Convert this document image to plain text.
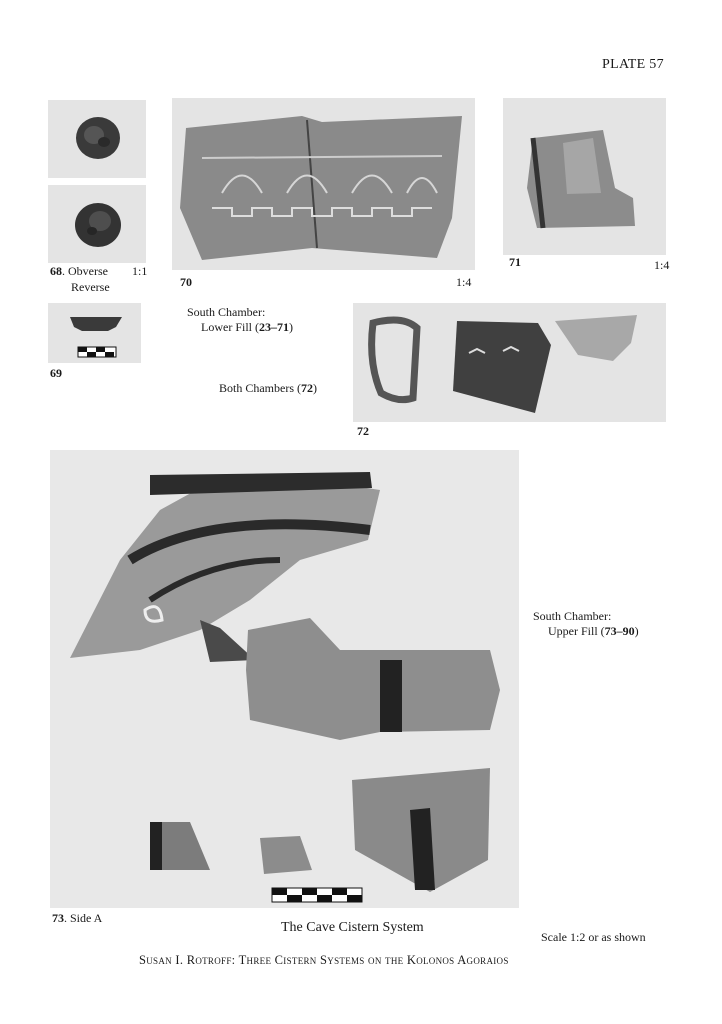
PLATE 57
68. Obverse
Reverse
1:1
70	1:4
71	1:4
69
South Chamber:
Lower Fill (23–71)
Both Chambers (72)
72
73. Side A
South Chamber:
Upper Fill (73–90)
The Cave Cistern System
Scale 1:2 or as shown
Susan I. Rotroff: Three Cistern Systems on the Kolonos Agoraios
